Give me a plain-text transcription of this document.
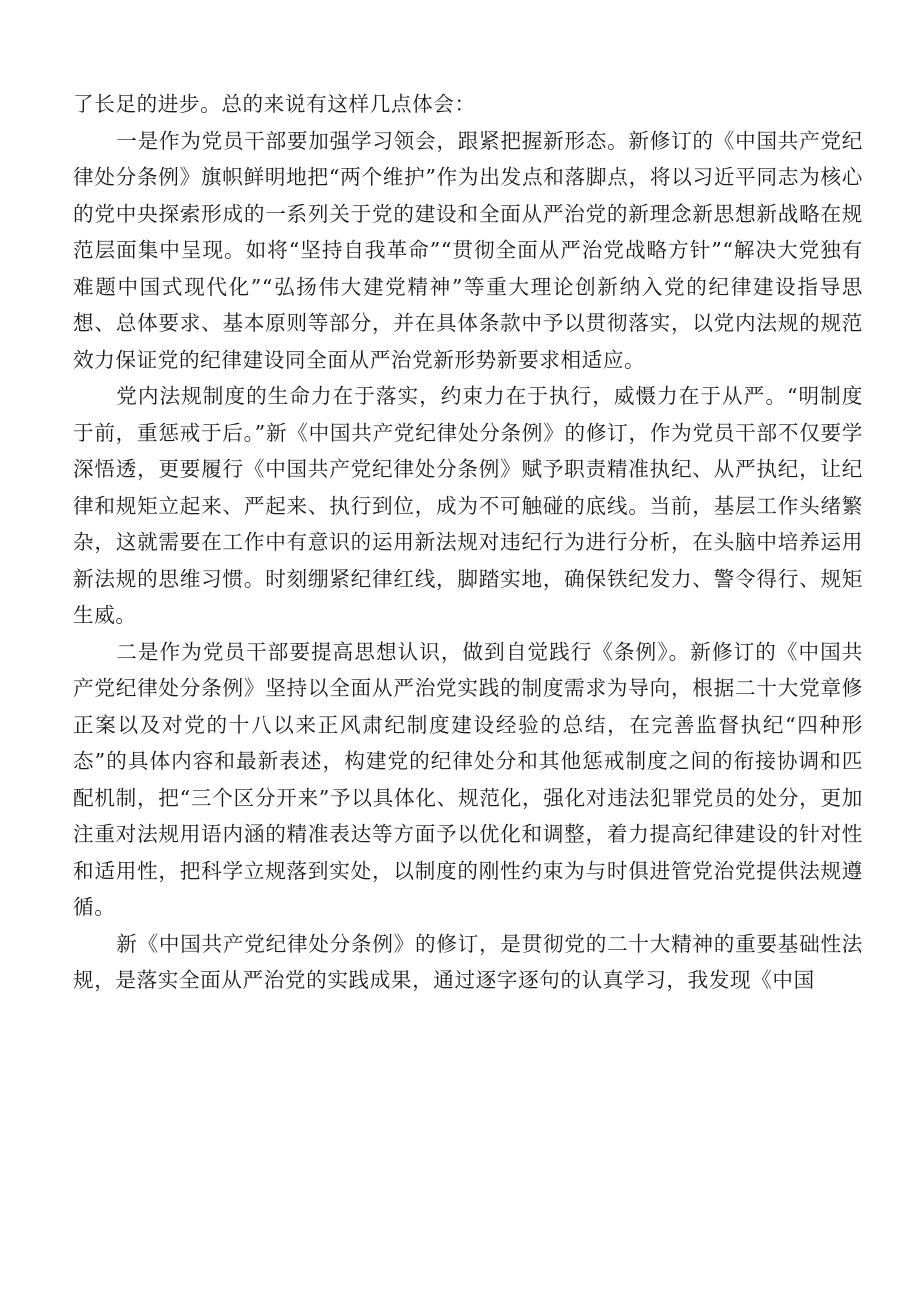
了长足的进步。总的来说有这样几点体会：

一是作为党员干部要加强学习领会，跟紧把握新形态。新修订的《中国共产党纪律处分条例》旗帜鲜明地把“两个维护”作为出发点和落脚点，将以习近平同志为核心的党中央探索形成的一系列关于党的建设和全面从严治党的新理念新思想新战略在规范层面集中呈现。如将“坚持自我革命”“贯彻全面从严治党战略方针”“解决大党独有难题中国式现代化”“弘扬伟大建党精神”等重大理论创新纳入党的纪律建设指导思想、总体要求、基本原则等部分，并在具体条款中予以贯彻落实，以党内法规的规范效力保证党的纪律建设同全面从严治党新形势新要求相适应。

党内法规制度的生命力在于落实，约束力在于执行，威慑力在于从严。“明制度于前，重惩戒于后。”新《中国共产党纪律处分条例》的修订，作为党员干部不仅要学深悟透，更要履行《中国共产党纪律处分条例》赋予职责精准执纪、从严执纪，让纪律和规矩立起来、严起来、执行到位，成为不可触碰的底线。当前，基层工作头绪繁杂，这就需要在工作中有意识的运用新法规对违纪行为进行分析，在头脑中培养运用新法规的思维习惯。时刻绷紧纪律红线，脚踏实地，确保铁纪发力、警令得行、规矩生威。

二是作为党员干部要提高思想认识，做到自觉践行《条例》。新修订的《中国共产党纪律处分条例》坚持以全面从严治党实践的制度需求为导向，根据二十大党章修正案以及对党的十八以来正风肃纪制度建设经验的总结，在完善监督执纪“四种形态”的具体内容和最新表述，构建党的纪律处分和其他惩戒制度之间的衔接协调和匹配机制，把“三个区分开来”予以具体化、规范化，强化对违法犯罪党员的处分，更加注重对法规用语内涵的精准表达等方面予以优化和调整，着力提高纪律建设的针对性和适用性，把科学立规落到实处，以制度的刚性约束为与时俱进管党治党提供法规遵循。

新《中国共产党纪律处分条例》的修订，是贯彻党的二十大精神的重要基础性法规，是落实全面从严治党的实践成果，通过逐字逐句的认真学习，我发现《中国
